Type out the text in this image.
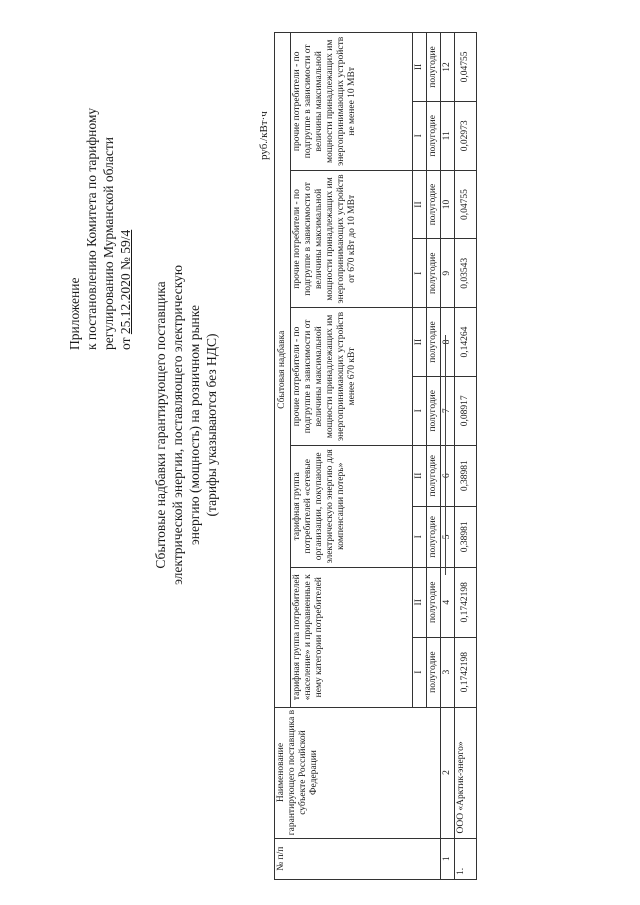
Приложение к постановлению Комитета по тарифному регулированию Мурманской области от 25.12.2020 № 59/4 Сбытовые надбавки гарантирующего поставщика электрической энергии, поставляющего электрическую энергию (мощность) на розничном рынке (тарифы указываются без НДС)
руб./кВт·ч
№ п/п	Наименование гарантирующего поставщика в субъекте Российской Федерации	Сбытовая надбавка									
		тарифная группа потребителей «население» и приравненные к нему категории потребителей		тарифная группа потребителей «сетевые организации, покупающие электрическую энергию для компенсации потерь»		прочие потребители - по подгруппе в зависимости от величины максимальной мощности принадлежащих им энергопринимающих устройств менее 670 кВт		прочие потребители - по подгруппе в зависимости от величины максимальной мощности принадлежащих им энергопринимающих устройств от 670 кВт до 10 МВт		прочие потребители - по подгруппе в зависимости от величины максимальной мощности принадлежащих им энергопринимающих устройств не менее 10 МВт	
		I	II	I	II	I	II	I	II	I	II
		полугодие	полугодие	полугодие	полугодие	полугодие	полугодие	полугодие	полугодие	полугодие	полугодие
1	2	3	4	5	6	7	8	9	10	11	12
1.	ООО «Арктик-энерго»	0,1742198	0,1742198	0,38981	0,38981	0,08917	0,14264	0,03543	0,04755	0,02973	0,04755
